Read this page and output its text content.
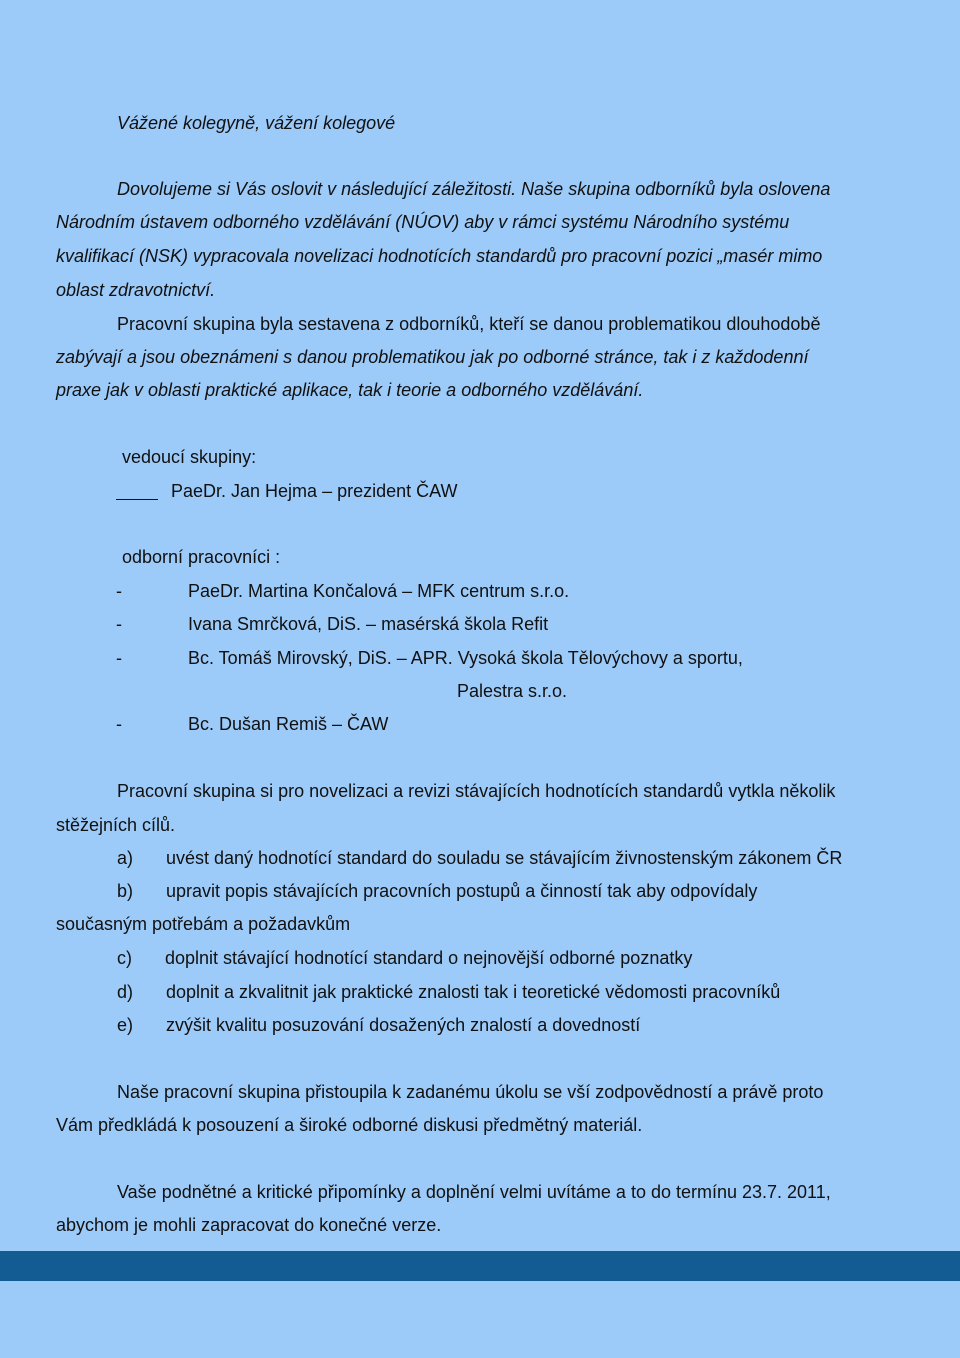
Vážené kolegyně, vážení kolegové
Dovolujeme si Vás oslovit v následující záležitosti. Naše skupina odborníků byla oslovena
Národním ústavem odborného vzdělávání (NÚOV) aby v rámci systému Národního systému
kvalifikací (NSK) vypracovala novelizaci hodnotících standardů pro pracovní pozici „masér mimo
oblast zdravotnictví.
Pracovní skupina byla sestavena z odborníků, kteří se danou problematikou dlouhodobě
zabývají a jsou obeznámeni s danou problematikou jak po odborné stránce, tak i z každodenní
praxe jak v oblasti praktické aplikace, tak i teorie a odborného vzdělávání.
vedoucí skupiny:
PaeDr. Jan Hejma – prezident ČAW
odborní pracovníci :
-	PaeDr. Martina Končalová – MFK centrum s.r.o.
-	Ivana Smrčková, DiS. – masérská škola Refit
-	Bc. Tomáš Mirovský, DiS. – APR. Vysoká škola Tělovýchovy a sportu,
Palestra s.r.o.
-	Bc. Dušan Remiš – ČAW
Pracovní skupina si pro novelizaci a revizi stávajících hodnotících standardů vytkla několik
stěžejních cílů.
a) uvést daný hodnotící standard do souladu se stávajícím živnostenským zákonem ČR
b) upravit popis stávajících pracovních postupů a činností tak aby odpovídaly
současným potřebám a požadavkům
c) doplnit stávající hodnotící standard o nejnovější odborné poznatky
d) doplnit a zkvalitnit jak praktické znalosti tak i teoretické vědomosti pracovníků
e) zvýšit kvalitu posuzování dosažených znalostí a dovedností
Naše pracovní skupina přistoupila k zadanému úkolu se vší zodpovědností a právě proto
Vám předkládá k posouzení a široké odborné diskusi předmětný materiál.
Vaše podnětné a kritické připomínky a doplnění velmi uvítáme a to do termínu 23.7. 2011,
abychom je mohli zapracovat do konečné verze.
